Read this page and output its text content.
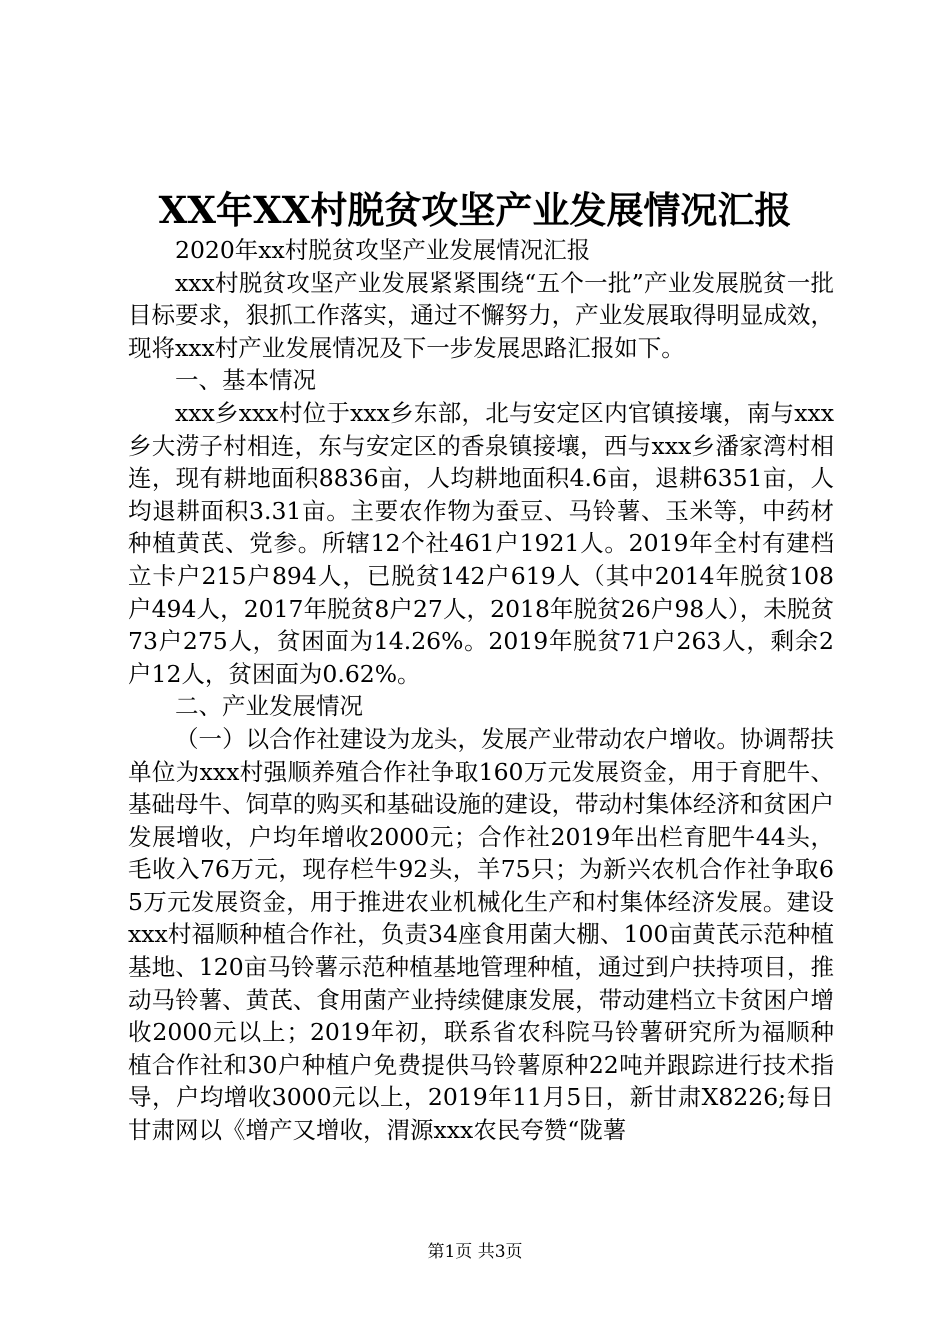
XX年XX村脱贫攻坚产业发展情况汇报

2020年xx村脱贫攻坚产业发展情况汇报

xxx村脱贫攻坚产业发展紧紧围绕“五个一批”产业发展脱贫一批目标要求，狠抓工作落实，通过不懈努力，产业发展取得明显成效，现将xxx村产业发展情况及下一步发展思路汇报如下。

一、基本情况

xxx乡xxx村位于xxx乡东部，北与安定区内官镇接壤，南与xxx乡大涝子村相连，东与安定区的香泉镇接壤，西与xxx乡潘家湾村相连，现有耕地面积8836亩，人均耕地面积4.6亩，退耕6351亩，人均退耕面积3.31亩。主要农作物为蚕豆、马铃薯、玉米等，中药材种植黄芪、党参。所辖12个社461户1921人。2019年全村有建档立卡户215户894人，已脱贫142户619人（其中2014年脱贫108户494人，2017年脱贫8户27人，2018年脱贫26户98人），未脱贫73户275人，贫困面为14.26%。2019年脱贫71户263人，剩余2户12人，贫困面为0.62%。

二、产业发展情况

（一）以合作社建设为龙头，发展产业带动农户增收。协调帮扶单位为xxx村强顺养殖合作社争取160万元发展资金，用于育肥牛、基础母牛、饲草的购买和基础设施的建设，带动村集体经济和贫困户发展增收，户均年增收2000元；合作社2019年出栏育肥牛44头，毛收入76万元，现存栏牛92头，羊75只；为新兴农机合作社争取65万元发展资金，用于推进农业机械化生产和村集体经济发展。建设xxx村福顺种植合作社，负责34座食用菌大棚、100亩黄芪示范种植基地、120亩马铃薯示范种植基地管理种植，通过到户扶持项目，推动马铃薯、黄芪、食用菌产业持续健康发展，带动建档立卡贫困户增收2000元以上；2019年初，联系省农科院马铃薯研究所为福顺种植合作社和30户种植户免费提供马铃薯原种22吨并跟踪进行技术指导，户均增收3000元以上，2019年11月5日，新甘肃X8226;每日甘肃网以《增产又增收，渭源xxx农民夸赞“陇薯

第1页 共3页
